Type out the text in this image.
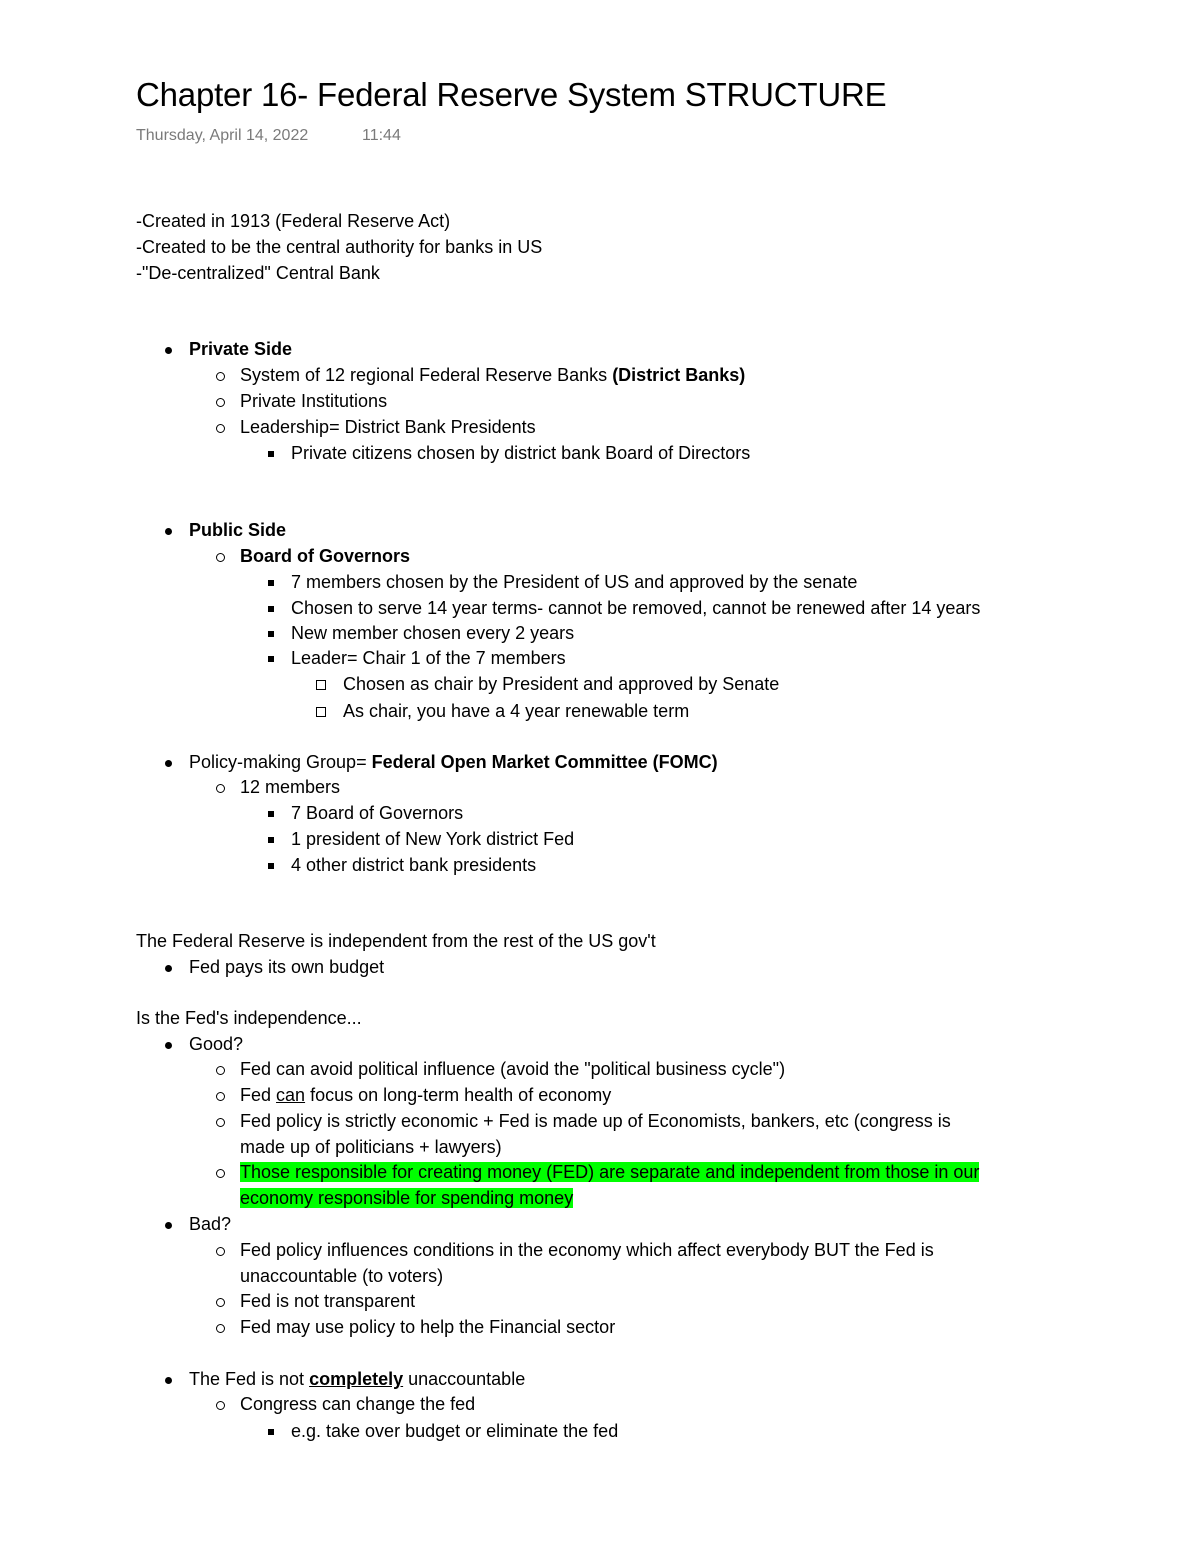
Chapter 16- Federal Reserve System STRUCTURE
Thursday, April 14, 2022	11:44
-Created in 1913 (Federal Reserve Act)
-Created to be the central authority for banks in US
-"De-centralized" Central Bank
Private Side
System of 12 regional Federal Reserve Banks (District Banks)
Private Institutions
Leadership= District Bank Presidents
Private citizens chosen by district bank Board of Directors
Public Side
Board of Governors
7 members chosen by the President of US and approved by the senate
Chosen to serve 14 year terms- cannot be removed, cannot be renewed after 14 years
New member chosen every 2 years
Leader= Chair 1 of the 7 members
Chosen as chair by President and approved by Senate
As chair, you have a 4 year renewable term
Policy-making Group= Federal Open Market Committee (FOMC)
12 members
7 Board of Governors
1 president of New York district Fed
4 other district bank presidents
The Federal Reserve is independent from the rest of the US gov't
Fed pays its own budget
Is the Fed's independence...
Good?
Fed can avoid political influence (avoid the "political business cycle")
Fed can focus on long-term health of economy
Fed policy is strictly economic + Fed is made up of Economists, bankers, etc (congress is
made up of politicians + lawyers)
Those responsible for creating money (FED) are separate and independent from those in our
economy responsible for spending money
Bad?
Fed policy influences conditions in the economy which affect everybody BUT the Fed is
unaccountable (to voters)
Fed is not transparent
Fed may use policy to help the Financial sector
The Fed is not completely unaccountable
Congress can change the fed
e.g. take over budget or eliminate the fed
